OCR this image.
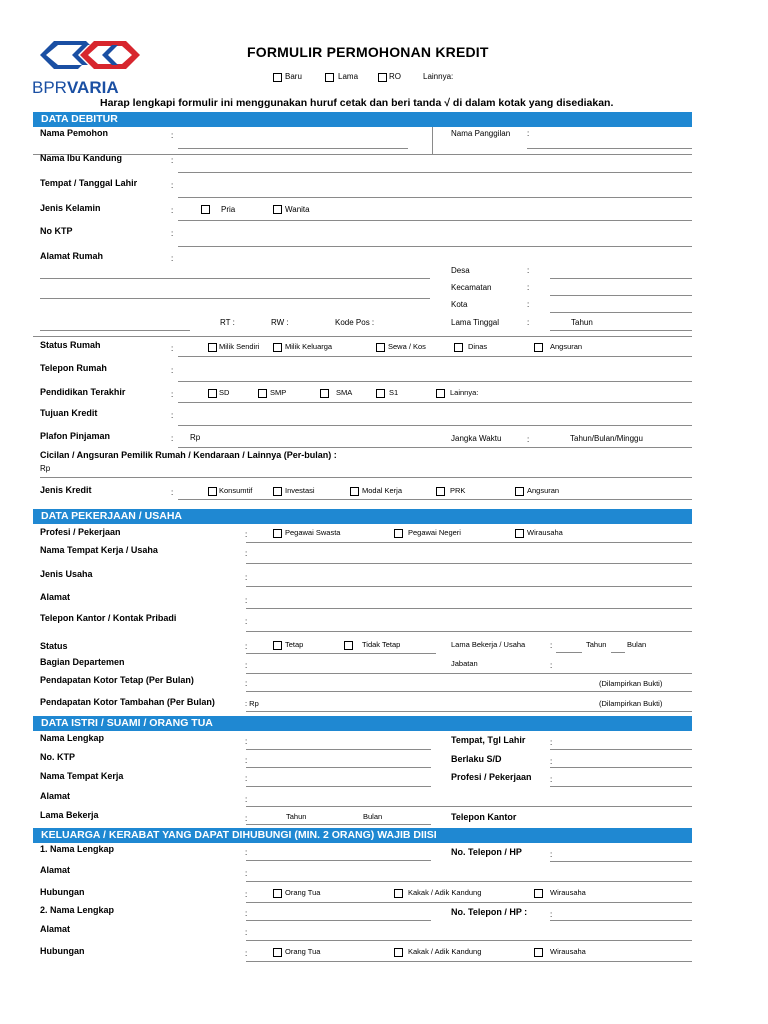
BPRVARIA
FORMULIR PERMOHONAN KREDIT
Baru	Lama	RO	Lainnya:
Harap lengkapi formulir ini menggunakan huruf cetak dan beri tanda √ di dalam kotak yang disediakan.
DATA DEBITUR
Nama Pemohon	:	Nama Panggilan :
Nama Ibu Kandung	:
Tempat / Tanggal Lahir	:
Jenis Kelamin	:	Pria	Wanita
No KTP	:
Alamat Rumah	:
RT :	RW :	Kode Pos :
Desa	:
Kecamatan	:
Kota	:
Lama Tinggal	:	Tahun
Status Rumah	:	Milik Sendiri	Milik Keluarga	Sewa / Kos	Dinas	Angsuran
Telepon Rumah	:
Pendidikan Terakhir	:	SD	SMP	SMA	S1	Lainnya:
Tujuan Kredit	:
Plafon Pinjaman	: Rp	Jangka Waktu	:	Tahun/Bulan/Minggu
Cicilan / Angsuran Pemilik Rumah / Kendaraan / Lainnya (Per-bulan) :
Rp
Jenis Kredit	:	Konsumtif	Investasi	Modal Kerja	PRK	Angsuran
DATA PEKERJAAN / USAHA
Profesi / Pekerjaan	:	Pegawai Swasta	Pegawai Negeri	Wirausaha
Nama Tempat Kerja / Usaha	:
Jenis Usaha	:
Alamat	:
Telepon Kantor / Kontak Pribadi	:
Status	:	Tetap	Tidak Tetap	Lama Bekerja / Usaha	:	Tahun	Bulan
Bagian Departemen	:	Jabatan	:
Pendapatan Kotor Tetap (Per Bulan)	:	(Dilampirkan Bukti)
Pendapatan Kotor Tambahan (Per Bulan)	: Rp	(Dilampirkan Bukti)
DATA ISTRI / SUAMI / ORANG TUA
Nama Lengkap	:	Tempat, Tgl Lahir	:
No. KTP	:	Berlaku S/D	:
Nama Tempat Kerja	:	Profesi / Pekerjaan :
Alamat	:
Lama Bekerja	:	Tahun	Bulan	Telepon Kantor
KELUARGA / KERABAT YANG DAPAT DIHUBUNGI (MIN. 2 ORANG) WAJIB DIISI
1. Nama Lengkap	:	No. Telepon / HP	:
Alamat	:
Hubungan	:	Orang Tua	Kakak / Adik Kandung	Wirausaha
2. Nama Lengkap	:	No. Telepon / HP :	:
Alamat	:
Hubungan	:	Orang Tua	Kakak / Adik Kandung	Wirausaha
